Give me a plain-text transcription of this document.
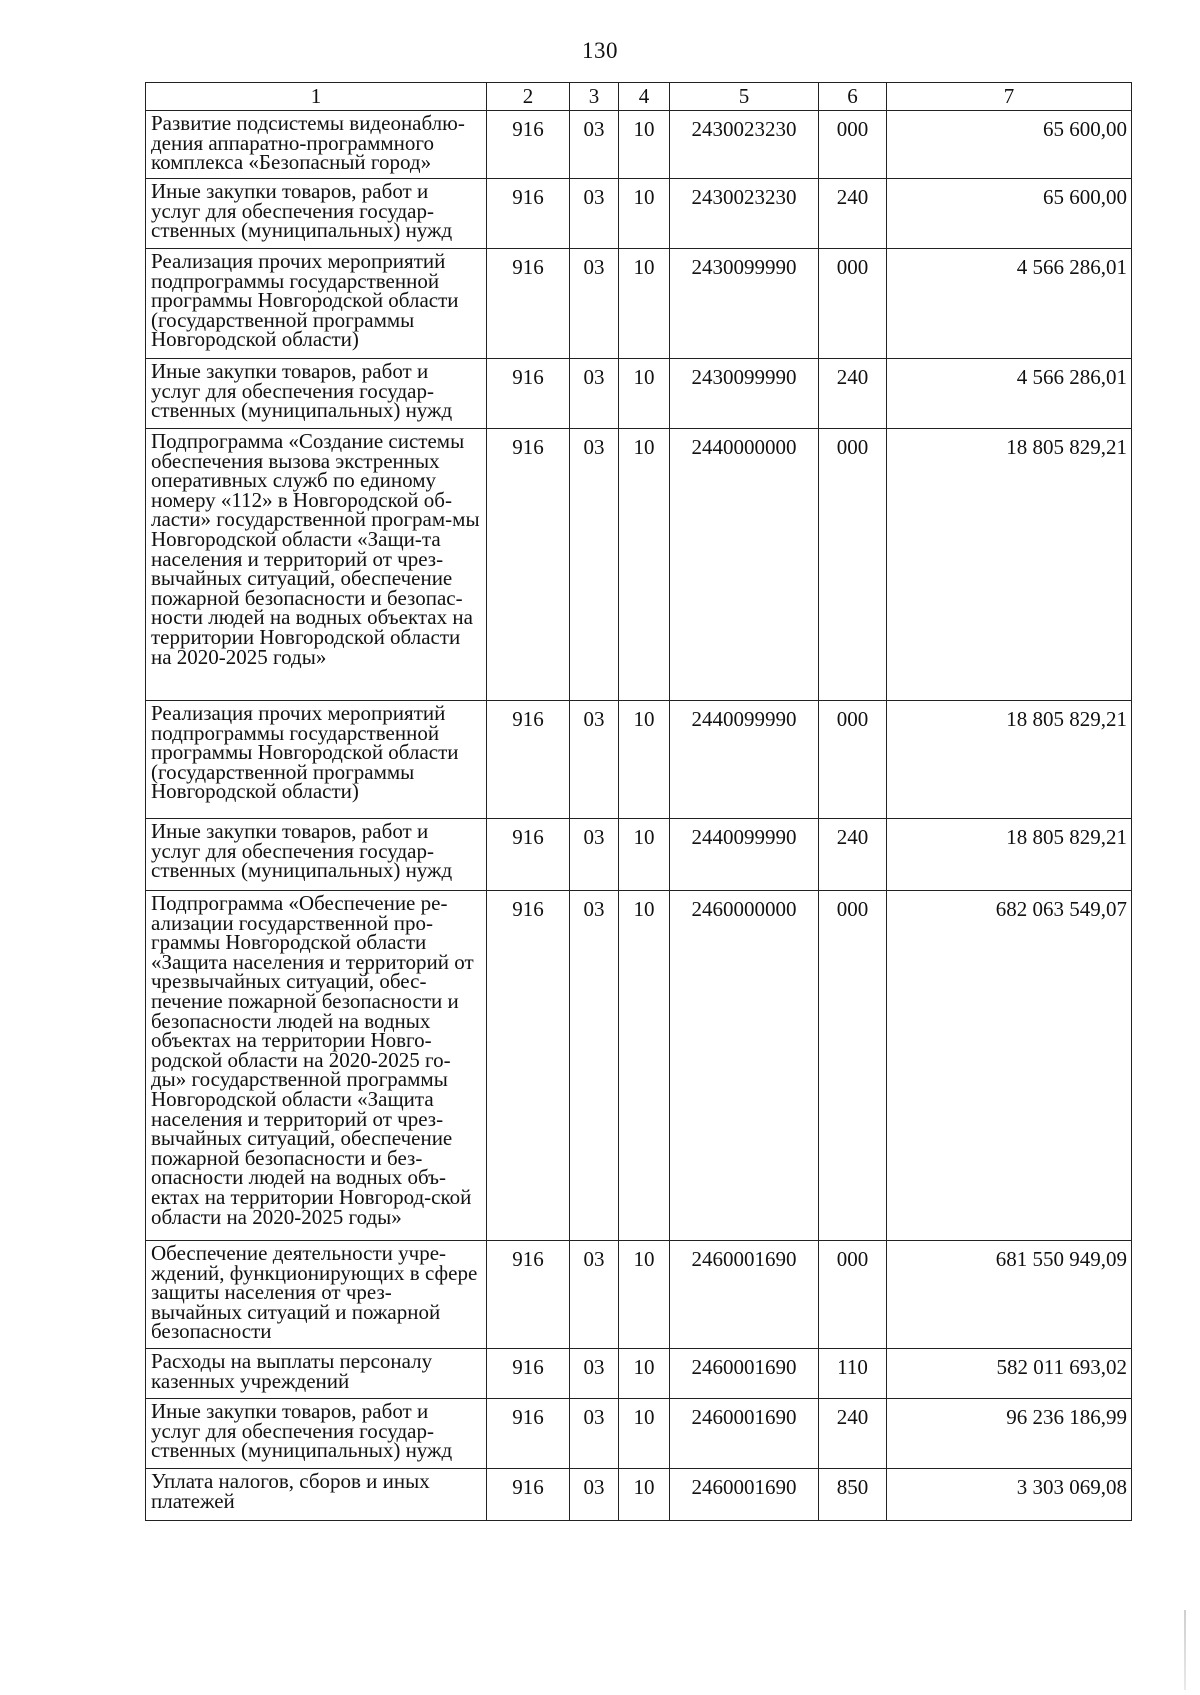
130
1	2	3	4	5	6	7
Развитие подсистемы видеонаблю-дения аппаратно-программного комплекса «Безопасный город»	916	03	10	2430023230	000	65 600,00
Иные закупки товаров, работ и услуг для обеспечения государ-ственных (муниципальных) нужд	916	03	10	2430023230	240	65 600,00
Реализация прочих мероприятий подпрограммы государственной программы Новгородской области (государственной программы Новгородской области)	916	03	10	2430099990	000	4 566 286,01
Иные закупки товаров, работ и услуг для обеспечения государ-ственных (муниципальных) нужд	916	03	10	2430099990	240	4 566 286,01
Подпрограмма «Создание системы обеспечения вызова экстренных оперативных служб по единому номеру «112» в Новгородской об-ласти» государственной програм-мы Новгородской области «Защи-та населения и территорий от чрез-вычайных ситуаций, обеспечение пожарной безопасности и безопас-ности людей на водных объектах на территории Новгородской области на 2020-2025 годы»	916	03	10	2440000000	000	18 805 829,21
Реализация прочих мероприятий подпрограммы государственной программы Новгородской области (государственной программы Новгородской области)	916	03	10	2440099990	000	18 805 829,21
Иные закупки товаров, работ и услуг для обеспечения государ-ственных (муниципальных) нужд	916	03	10	2440099990	240	18 805 829,21
Подпрограмма «Обеспечение ре-ализации государственной про-граммы Новгородской области «Защита населения и территорий от чрезвычайных ситуаций, обес-печение пожарной безопасности и безопасности людей на водных объектах на территории Новго-родской области на 2020-2025 го-ды» государственной программы Новгородской области «Защита населения и территорий от чрез-вычайных ситуаций, обеспечение пожарной безопасности и без-опасности людей на водных объ-ектах на территории Новгород-ской области на 2020-2025 годы»	916	03	10	2460000000	000	682 063 549,07
Обеспечение деятельности учре-ждений, функционирующих в сфере защиты населения от чрез-вычайных ситуаций и пожарной безопасности	916	03	10	2460001690	000	681 550 949,09
Расходы на выплаты персоналу казенных учреждений	916	03	10	2460001690	110	582 011 693,02
Иные закупки товаров, работ и услуг для обеспечения государ-ственных (муниципальных) нужд	916	03	10	2460001690	240	96 236 186,99
Уплата налогов, сборов и иных платежей	916	03	10	2460001690	850	3 303 069,08
